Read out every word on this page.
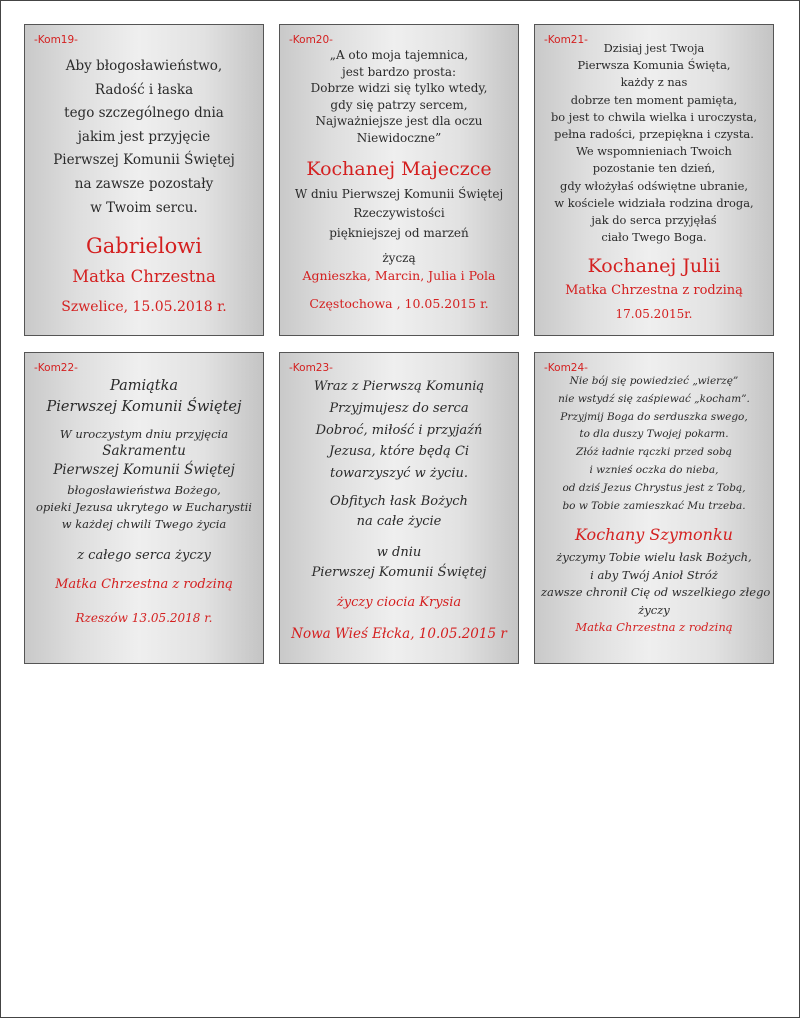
-Kom19-
Aby błogosławieństwo,
Radość i łaska
tego szczególnego dnia
jakim jest przyjęcie
Pierwszej Komunii Świętej
na zawsze pozostały
w Twoim sercu.
Gabrielowi
Matka Chrzestna
Szwelice, 15.05.2018 r.
-Kom20-
„A oto moja tajemnica,
jest bardzo prosta:
Dobrze widzi się tylko wtedy,
gdy się patrzy sercem,
Najważniejsze jest dla oczu
Niewidoczne”
Kochanej Majeczce
W dniu Pierwszej Komunii Świętej
Rzeczywistości
piękniejszej od marzeń
życzą
Agnieszka, Marcin, Julia i Pola
Częstochowa , 10.05.2015 r.
-Kom21-
Dzisiaj jest Twoja
Pierwsza Komunia Święta,
każdy z nas
dobrze ten moment pamięta,
bo jest to chwila wielka i uroczysta,
pełna radości, przepiękna i czysta.
We wspomnieniach Twoich
pozostanie ten dzień,
gdy włożyłaś odświętne ubranie,
w kościele widziała rodzina droga,
jak do serca przyjęłaś
ciało Twego Boga.
Kochanej Julii
Matka Chrzestna z rodziną
17.05.2015r.
-Kom22-
Pamiątka
Pierwszej Komunii Świętej
W uroczystym dniu przyjęcia
Sakramentu
Pierwszej Komunii Świętej
błogosławieństwa Bożego,
opieki Jezusa ukrytego w Eucharystii
w każdej chwili Twego życia
z całego serca życzy
Matka Chrzestna z rodziną
Rzeszów 13.05.2018 r.
-Kom23-
Wraz z Pierwszą Komunią
Przyjmujesz do serca
Dobroć, miłość i przyjaźń
Jezusa, które będą Ci
towarzyszyć w życiu.
Obfitych łask Bożych
na całe życie
w dniu
Pierwszej Komunii Świętej
życzy ciocia Krysia
Nowa Wieś Ełcka, 10.05.2015 r
-Kom24-
Nie bój się powiedzieć „wierzę”
nie wstydź się zaśpiewać „kocham”.
Przyjmij Boga do serduszka swego,
to dla duszy Twojej pokarm.
Złóż ładnie rączki przed sobą
i wznieś oczka do nieba,
od dziś Jezus Chrystus jest z Tobą,
bo w Tobie zamieszkać Mu trzeba.
Kochany Szymonku
życzymy Tobie wielu łask Bożych,
i aby Twój Anioł Stróż
zawsze chronił Cię od wszelkiego złego
życzy
Matka Chrzestna z rodziną
